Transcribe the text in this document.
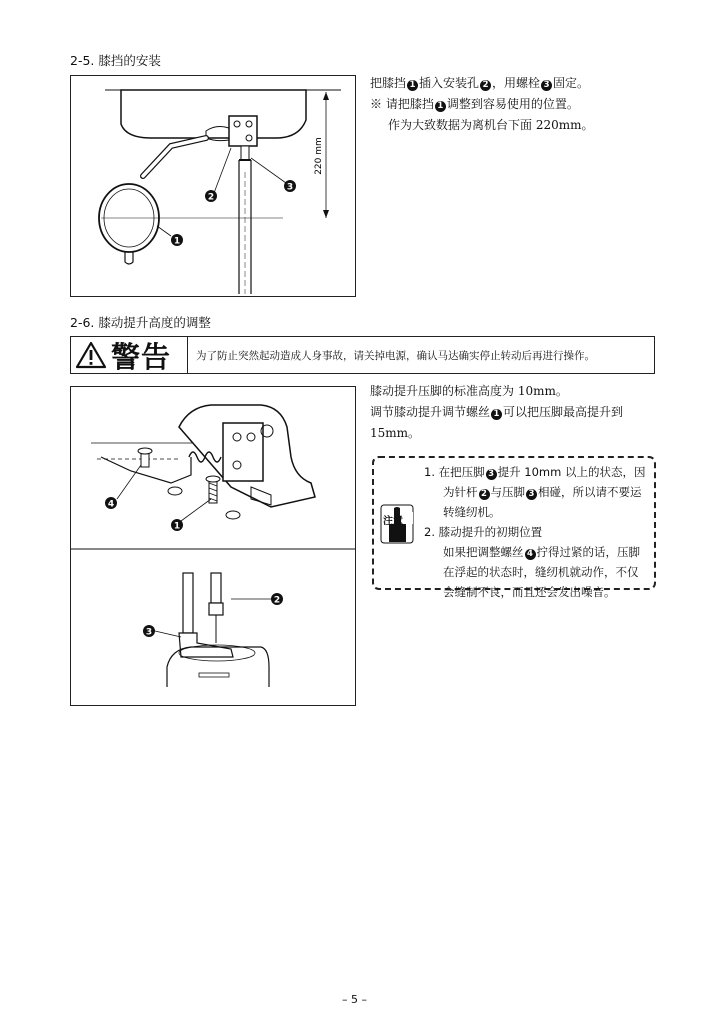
2-5. 膝挡的安装
220 mm
1
2
3

把膝挡 1 插入安装孔 2 ，用螺栓 3 固定。

※ 请把膝挡 1 调整到容易使用的位置。

作为大致数据为离机台下面 220mm。

2-6. 膝动提升高度的调整
警告	为了防止突然起动造成人身事故，请关掉电源，确认马达确实停止转动后再进行操作。
4
1
2
3

膝动提升压脚的标准高度为 10mm。

调节膝动提升调节螺丝 1 可以把压脚最高提升到

15mm。

注意
1. 在把压脚 3 提升 10mm 以上的状态，因
为针杆 2 与压脚 3 相碰，所以请不要运
转缝纫机。
2. 膝动提升的初期位置
如果把调整螺丝 4 拧得过紧的话，压脚
在浮起的状态时，缝纫机就动作，不仅
会缝制不良，而且还会发出噪音。
– 5 –
